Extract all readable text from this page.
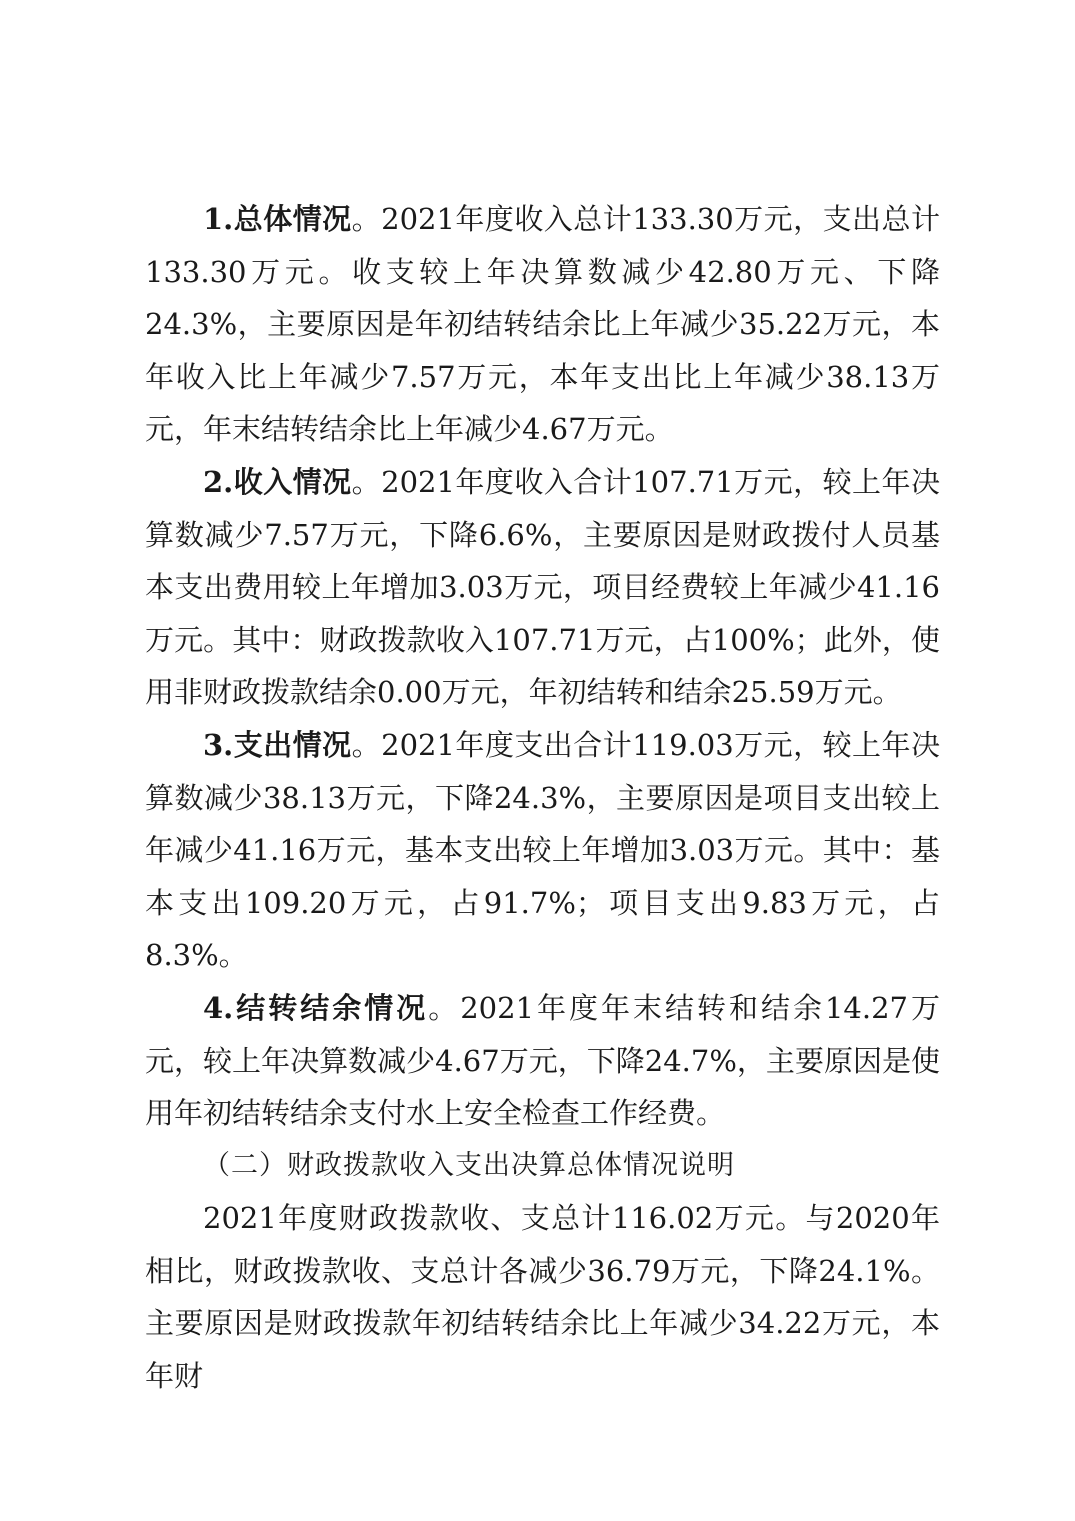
1.总体情况。2021年度收入总计133.30万元，支出总计133.30万元。收支较上年决算数减少42.80万元、下降24.3%，主要原因是年初结转结余比上年减少35.22万元，本年收入比上年减少7.57万元，本年支出比上年减少38.13万元，年末结转结余比上年减少4.67万元。

2.收入情况。2021年度收入合计107.71万元，较上年决算数减少7.57万元，下降6.6%，主要原因是财政拨付人员基本支出费用较上年增加3.03万元，项目经费较上年减少41.16万元。其中：财政拨款收入107.71万元，占100%；此外，使用非财政拨款结余0.00万元，年初结转和结余25.59万元。

3.支出情况。2021年度支出合计119.03万元，较上年决算数减少38.13万元，下降24.3%，主要原因是项目支出较上年减少41.16万元，基本支出较上年增加3.03万元。其中：基本支出109.20万元，占91.7%；项目支出9.83万元，占8.3%。

4.结转结余情况。2021年度年末结转和结余14.27万元，较上年决算数减少4.67万元，下降24.7%，主要原因是使用年初结转结余支付水上安全检查工作经费。

（二）财政拨款收入支出决算总体情况说明

2021年度财政拨款收、支总计116.02万元。与2020年相比，财政拨款收、支总计各减少36.79万元，下降24.1%。主要原因是财政拨款年初结转结余比上年减少34.22万元，本年财
